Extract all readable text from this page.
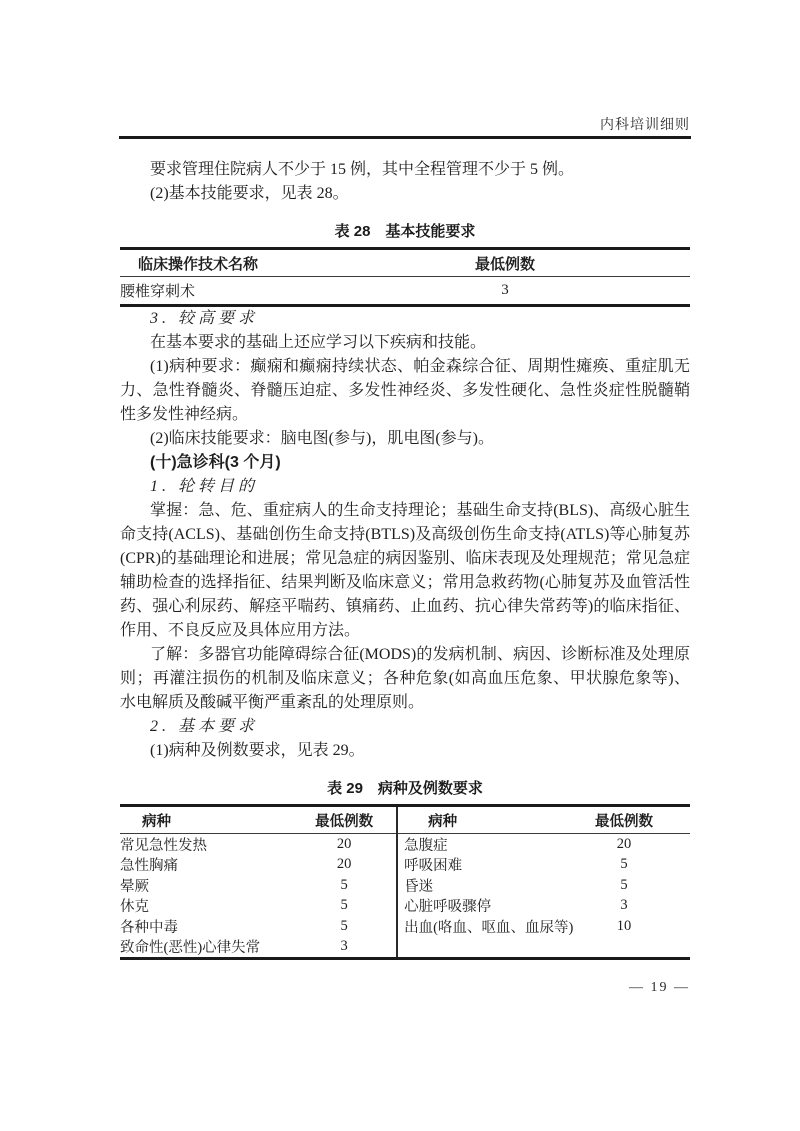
内科培训细则

要求管理住院病人不少于 15 例，其中全程管理不少于 5 例。

(2)基本技能要求，见表 28。

表 28　基本技能要求
临床操作技术名称	最低例数
腰椎穿刺术	3

3. 较高要求

在基本要求的基础上还应学习以下疾病和技能。

(1)病种要求：癫痫和癫痫持续状态、帕金森综合征、周期性瘫痪、重症肌无力、急性脊髓炎、脊髓压迫症、多发性神经炎、多发性硬化、急性炎症性脱髓鞘性多发性神经病。

(2)临床技能要求：脑电图(参与)，肌电图(参与)。

(十)急诊科(3 个月)

1. 轮转目的

掌握：急、危、重症病人的生命支持理论；基础生命支持(BLS)、高级心脏生命支持(ACLS)、基础创伤生命支持(BTLS)及高级创伤生命支持(ATLS)等心肺复苏(CPR)的基础理论和进展；常见急症的病因鉴别、临床表现及处理规范；常见急症辅助检查的选择指征、结果判断及临床意义；常用急救药物(心肺复苏及血管活性药、强心利尿药、解痉平喘药、镇痛药、止血药、抗心律失常药等)的临床指征、作用、不良反应及具体应用方法。

了解：多器官功能障碍综合征(MODS)的发病机制、病因、诊断标准及处理原则；再灌注损伤的机制及临床意义；各种危象(如高血压危象、甲状腺危象等)、水电解质及酸碱平衡严重紊乱的处理原则。

2. 基本要求

(1)病种及例数要求，见表 29。

表 29　病种及例数要求
病种	最低例数
常见急性发热	20
急性胸痛	20
晕厥	5
休克	5
各种中毒	5
致命性(恶性)心律失常	3
病种	最低例数
急腹症	20
呼吸困难	5
昏迷	5
心脏呼吸骤停	3
出血(咯血、呕血、血尿等)	10
— 19 —
